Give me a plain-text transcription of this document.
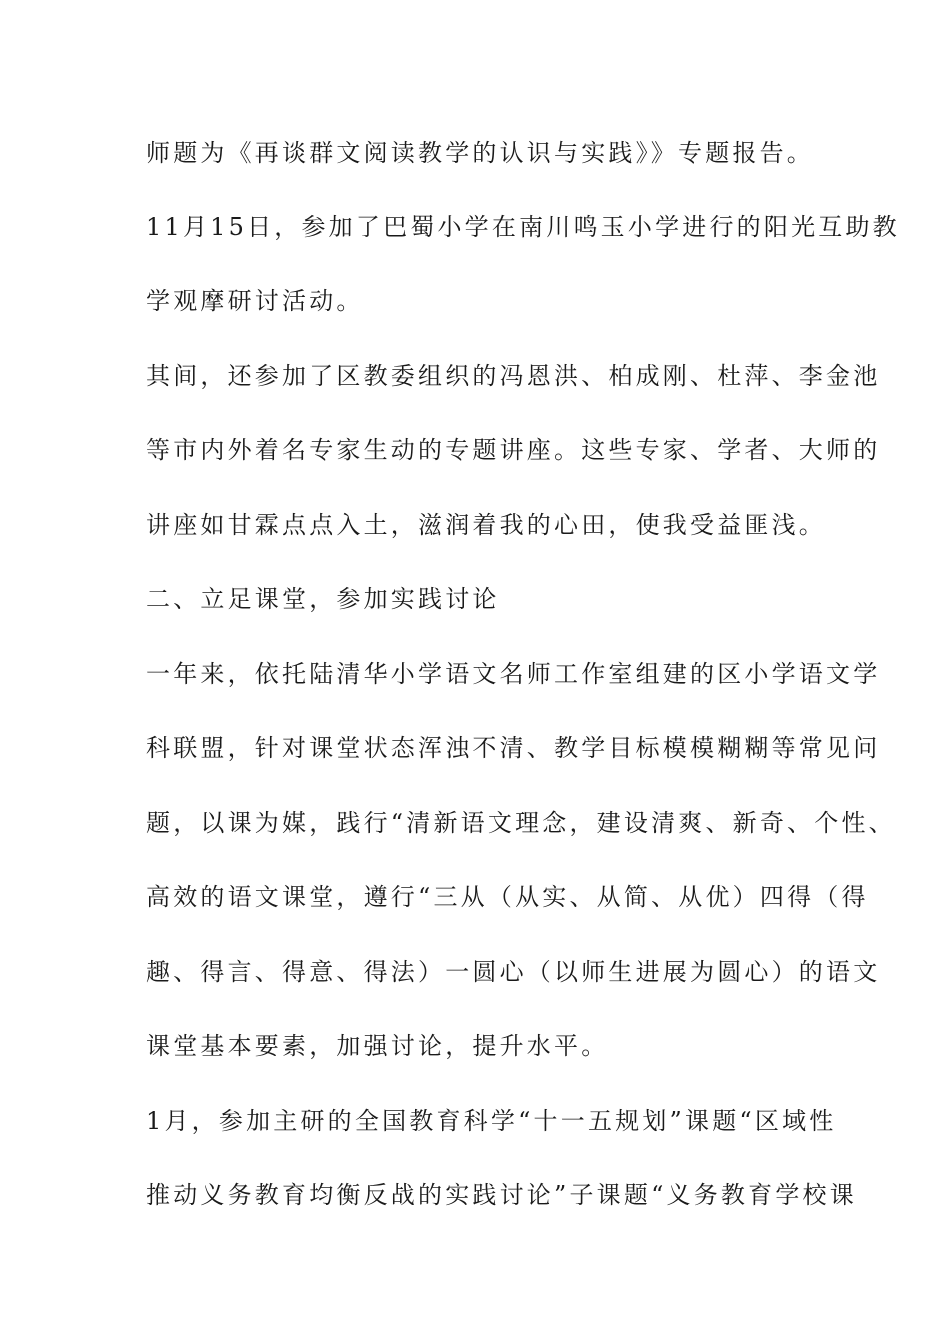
师题为《再谈群文阅读教学的认识与实践》》专题报告。
11月15日，参加了巴蜀小学在南川鸣玉小学进行的阳光互助教
学观摩研讨活动。
其间，还参加了区教委组织的冯恩洪、柏成刚、杜萍、李金池
等市内外着名专家生动的专题讲座。这些专家、学者、大师的
讲座如甘霖点点入土，滋润着我的心田，使我受益匪浅。
二、立足课堂，参加实践讨论
一年来，依托陆清华小学语文名师工作室组建的区小学语文学
科联盟，针对课堂状态浑浊不清、教学目标模模糊糊等常见问
题，以课为媒，践行“清新语文理念，建设清爽、新奇、个性、
高效的语文课堂，遵行“三从（从实、从简、从优）四得（得
趣、得言、得意、得法）一圆心（以师生进展为圆心）的语文
课堂基本要素，加强讨论，提升水平。
1月，参加主研的全国教育科学“十一五规划”课题“区域性
推动义务教育均衡反战的实践讨论”子课题“义务教育学校课
